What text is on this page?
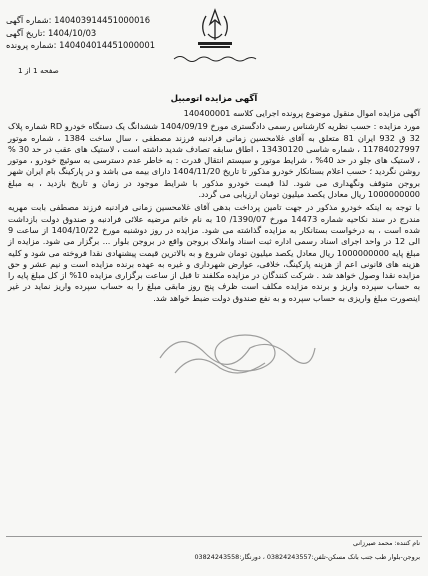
140403914451000016 :شماره آگهی
1404/10/03 :تاریخ آگهی
140404014451000001 :شماره پرونده
صفحه 1 از 1
آگهی مزایده اتومبیل

آگهی مزایده اموال منقول موضوع پرونده اجرایی کلاسه 140400001

مورد مزایده : حسب نظریه کارشناس رسمی دادگستری مورخ 1404/09/19 ششدانگ یک دستگاه خودرو RD شماره پلاک 32 ق 932 ایران 81 متعلق به آقای غلامحسین زمانی فرادنبه فرزند مصطفی ، سال ساخت 1384 ، شماره موتور 11784027997 ، شماره شاسی 13430120 ، اطاق سابقه تصادف شدید داشته است ، لاستیک های عقب در حد 30 % ، لاستیک های جلو در حد 40% ، شرایط موتور و سیستم انتقال قدرت : به خاطر عدم دسترسی به سوئیچ خودرو ، موتور روشن نگردید ؛ حسب اعلام بستانکار خودرو مذکور تا تاریخ 1404/11/20 دارای بیمه می باشد و در پارکینگ بام ایران شهر بروجن متوقف ونگهداری می شود. لذا قیمت خودرو مذکور با شرایط موجود در زمان و تاریخ بازدید ، به مبلغ 1000000000 ریال معادل یکصد میلیون تومان ارزیابی می گردد.

با توجه به اینکه خودرو مذکور در جهت تامین پرداخت بدهی آقای غلامحسین زمانی فرادنبه فرزند مصطفی بابت مهریه مندرج در سند نکاحیه شماره 14473 مورخ 1390/07/ 10 به نام خانم مرضیه علائی فرادنبه و صندوق دولت بازداشت شده است ، به درخواست بستانکار به مزایده گذاشته می شود. مزایده در روز دوشنبه مورخ 1404/10/22 از ساعت 9 الی 12 در واحد اجرای اسناد رسمی اداره ثبت اسناد واملاک بروجن واقع در بروجن بلوار ... برگزار می شود. مزایده از مبلغ پایه 1000000000 ریال معادل یکصد میلیون تومان شروع و به بالاترین قیمت پیشنهادی نقدا فروخته می شود و کلیه هزینه های قانونی اعم از هزینه پارکینگ، خلافی، عوارض شهرداری و غیره به عهده برنده مزایده است و نیم عشر و حق مزایده نقدا وصول خواهد شد . شرکت کنندگان در مزایده مکلفند تا قبل از ساعت برگزاری مزایده 10% از کل مبلغ پایه را به حساب سپرده واریز و برنده مزایده مکلف است ظرف پنج روز مابقی مبلغ را به حساب سپرده واریز نماید در غیر اینصورت مبلغ واریزی به حساب سپرده و به نفع صندوق دولت ضبط خواهد شد.

نام کننده: محمد صیرزانی
بروجن-بلوار طب جنب بانک مسکن-تلفن:03824243557 ، دورنگار:03824243558
